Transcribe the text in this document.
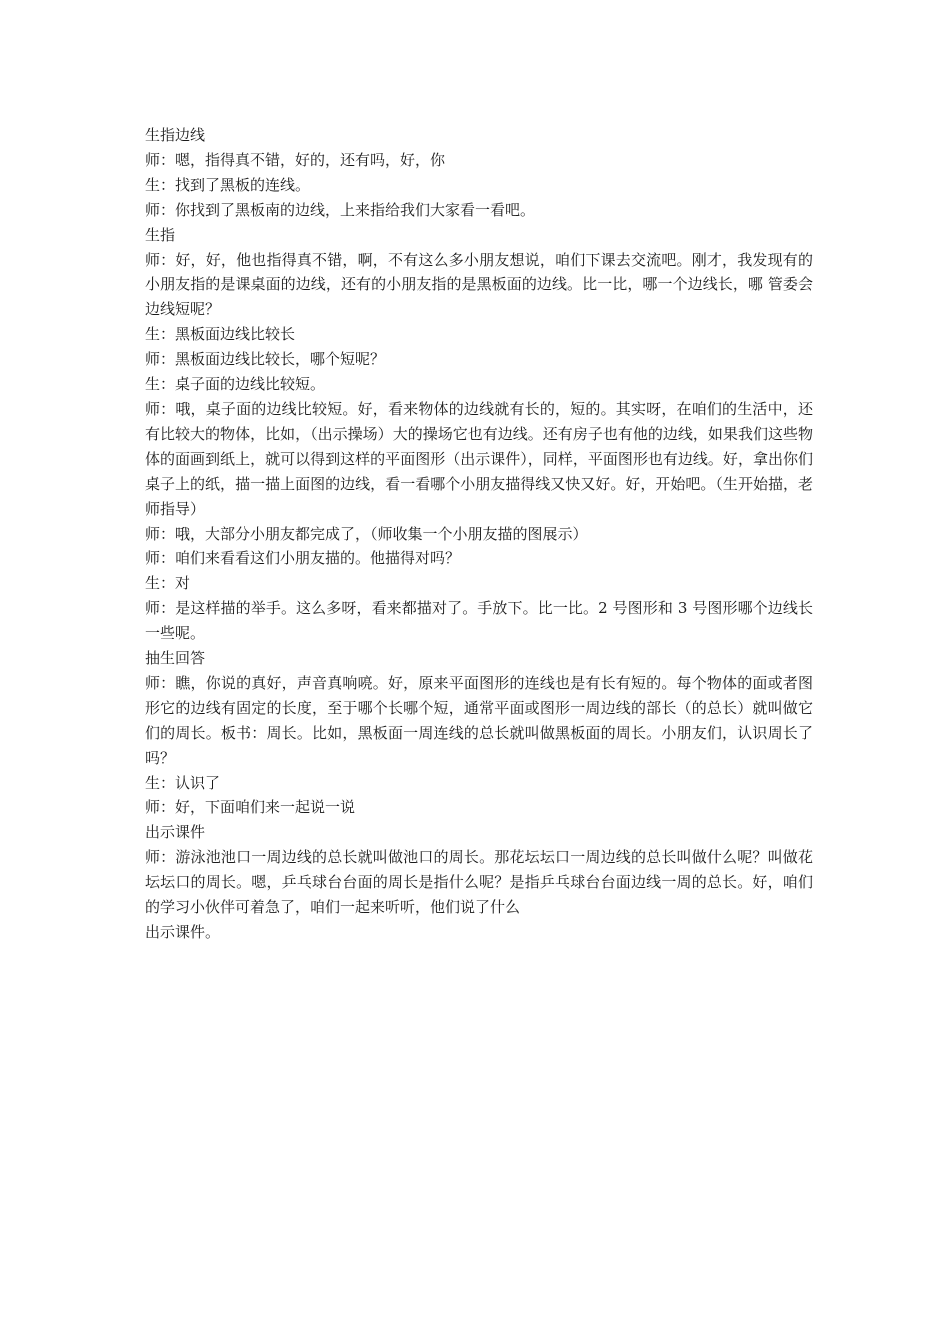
生指边线

师：嗯，指得真不错，好的，还有吗，好，你

生：找到了黑板的连线。

师：你找到了黑板南的边线，上来指给我们大家看一看吧。

生指

师：好，好，他也指得真不错，啊，不有这么多小朋友想说，咱们下课去交流吧。刚才，我发现有的小朋友指的是课桌面的边线，还有的小朋友指的是黑板面的边线。比一比，哪一个边线长，哪 管委会边线短呢？

生：黑板面边线比较长

师：黑板面边线比较长，哪个短呢？

生：桌子面的边线比较短。

师：哦，桌子面的边线比较短。好，看来物体的边线就有长的，短的。其实呀，在咱们的生活中，还有比较大的物体，比如，（出示操场）大的操场它也有边线。还有房子也有他的边线，如果我们这些物体的面画到纸上，就可以得到这样的平面图形（出示课件），同样，平面图形也有边线。好，拿出你们桌子上的纸，描一描上面图的边线，看一看哪个小朋友描得线又快又好。好，开始吧。（生开始描，老师指导）

师：哦，大部分小朋友都完成了，（师收集一个小朋友描的图展示）

师：咱们来看看这们小朋友描的。他描得对吗？

生：对

师：是这样描的举手。这么多呀，看来都描对了。手放下。比一比。2 号图形和 3 号图形哪个边线长一些呢。

抽生回答

师：瞧，你说的真好，声音真响喨。好，原来平面图形的连线也是有长有短的。每个物体的面或者图形它的边线有固定的长度，至于哪个长哪个短，通常平面或图形一周边线的部长（的总长）就叫做它们的周长。板书：周长。比如，黑板面一周连线的总长就叫做黑板面的周长。小朋友们，认识周长了吗？

生：认识了

师：好，下面咱们来一起说一说

出示课件

师：游泳池池口一周边线的总长就叫做池口的周长。那花坛坛口一周边线的总长叫做什么呢？叫做花坛坛口的周长。嗯，乒乓球台台面的周长是指什么呢？是指乒乓球台台面边线一周的总长。好，咱们的学习小伙伴可着急了，咱们一起来听听，他们说了什么

出示课件。
